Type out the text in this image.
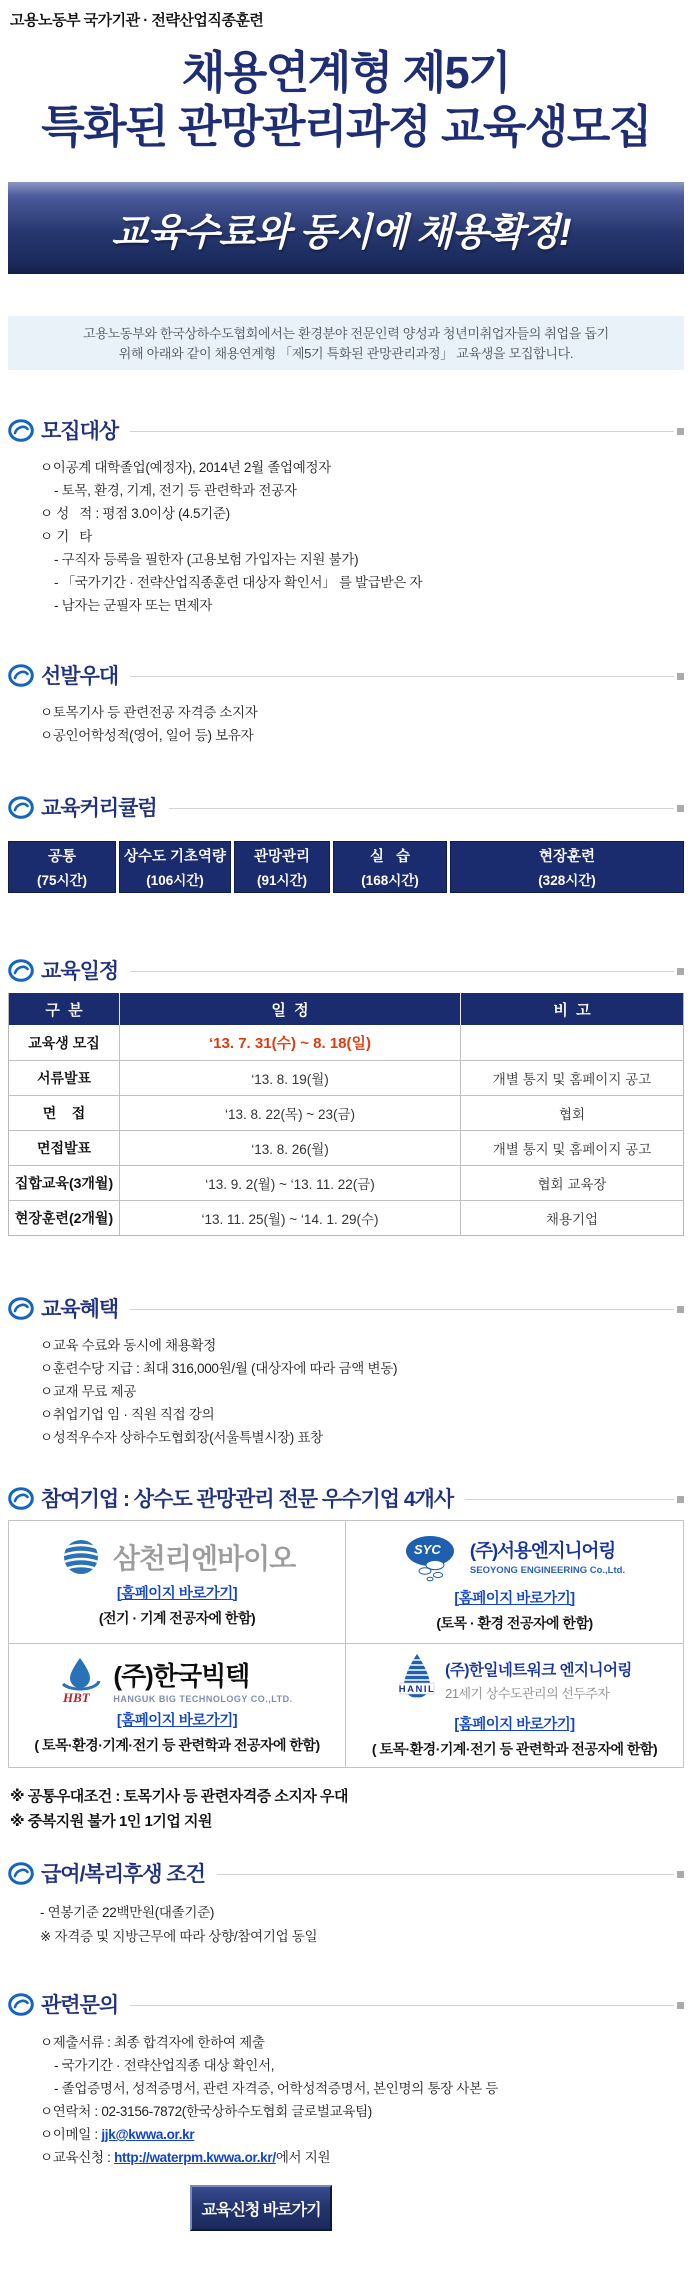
고용노동부 국가기관 · 전략산업직종훈련
채용연계형 제5기
특화된 관망관리과정 교육생모집
교육수료와 동시에 채용확정!
고용노동부와 한국상하수도협회에서는 환경분야 전문인력 양성과 청년미취업자들의 취업을 돕기
위해 아래와 같이 채용연계형 「제5기 특화된 관망관리과정」 교육생을 모집합니다.
모집대상
ㅇ이공계 대학졸업(예정자), 2014년 2월 졸업예정자
- 토목, 환경, 기계, 전기 등 관련학과 전공자
ㅇ 성   적 : 평점 3.0이상 (4.5기준)
ㅇ 기   타
- 구직자 등록을 필한자 (고용보험 가입자는 지원 불가)
- 「국가기간 · 전략산업직종훈련 대상자 확인서」 를 발급받은 자
- 남자는 군필자 또는 면제자
선발우대
ㅇ토목기사 등 관련전공 자격증 소지자
ㅇ공인어학성적(영어, 일어 등) 보유자
교육커리큘럼
공통
(75시간)
상수도 기초역량
(106시간)
관망관리
(91시간)
실   습
(168시간)
현장훈련
(328시간)
교육일정
구  분	일  정	비  고
교육생 모집	‘13. 7. 31(수) ~ 8. 18(일)
서류발표	‘13. 8. 19(월)	개별 통지 및 홈페이지 공고
면    접	‘13. 8. 22(목) ~ 23(금)	협회
면접발표	‘13. 8. 26(월)	개별 통지 및 홈페이지 공고
집합교육(3개월)	‘13. 9. 2(월) ~ ‘13. 11. 22(금)	협회 교육장
현장훈련(2개월)	‘13. 11. 25(월) ~ ‘14. 1. 29(수)	채용기업
교육혜택
ㅇ교육 수료와 동시에 채용확정
ㅇ훈련수당 지급 : 최대 316,000원/월 (대상자에 따라 금액 변동)
ㅇ교재 무료 제공
ㅇ취업기업 임 · 직원 직접 강의
ㅇ성적우수자 상하수도협회장(서울특별시장) 표창
참여기업 : 상수도 관망관리 전문 우수기업 4개사
삼천리엔바이오
[홈페이지 바로가기]
(전기 · 기계 전공자에 한함)
SYC (주)서용엔지니어링
SEOYONG ENGINEERING Co.,Ltd.
[홈페이지 바로가기]
(토목 · 환경 전공자에 한함)
HBT
(주)한국빅텍
HANGUK BIG TECHNOLOGY CO.,LTD.
[홈페이지 바로가기]
( 토목·환경·기계·전기 등 관련학과 전공자에 한함)
HANIL
(주)한일네트워크 엔지니어링
21세기 상수도관리의 선두주자
[홈페이지 바로가기]
( 토목·환경·기계·전기 등 관련학과 전공자에 한함)
※ 공통우대조건 : 토목기사 등 관련자격증 소지자 우대
※ 중복지원 불가 1인 1기업 지원
급여/복리후생 조건
- 연봉기준 22백만원(대졸기준)
※ 자격증 및 지방근무에 따라 상향/참여기업 동일
관련문의
ㅇ제출서류 : 최종 합격자에 한하여 제출
- 국가기간 · 전략산업직종 대상 확인서,
- 졸업증명서, 성적증명서, 관련 자격증, 어학성적증명서, 본인명의 통장 사본 등
ㅇ연락처 : 02-3156-7872(한국상하수도협회 글로벌교육팀)
ㅇ이메일 : jjk@kwwa.or.kr
ㅇ교육신청 : http://waterpm.kwwa.or.kr/에서 지원
교육신청 바로가기
